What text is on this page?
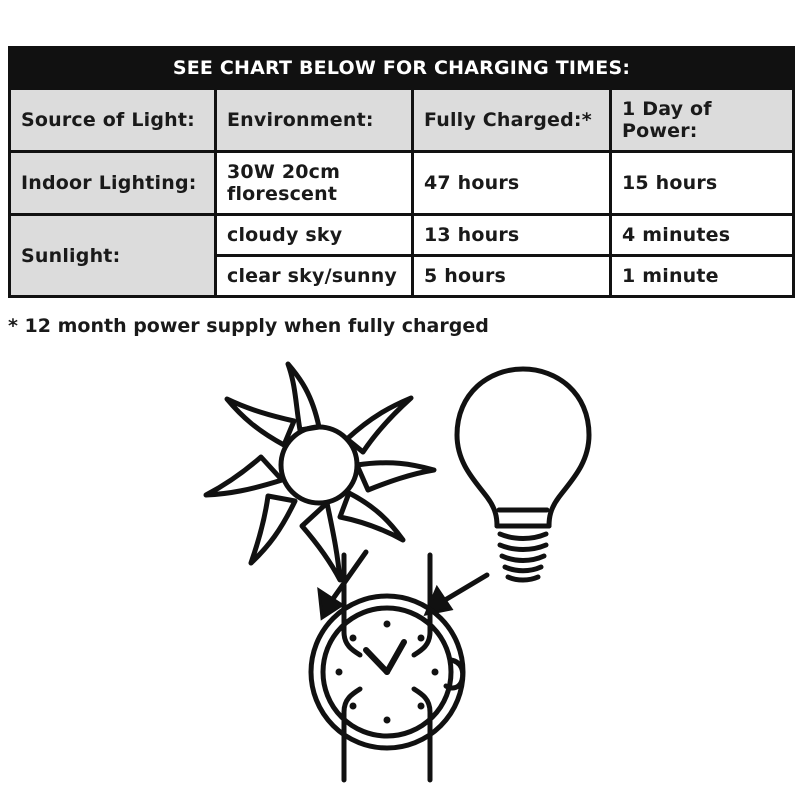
SEE CHART BELOW FOR CHARGING TIMES:			
Source of Light:	Environment:	Fully Charged:*	1 Day of Power:
Indoor Lighting:	30W 20cm florescent	47 hours	15 hours
Sunlight:	cloudy sky	13 hours	4 minutes
	clear sky/sunny	5 hours	1 minute
* 12 month power supply when fully charged
